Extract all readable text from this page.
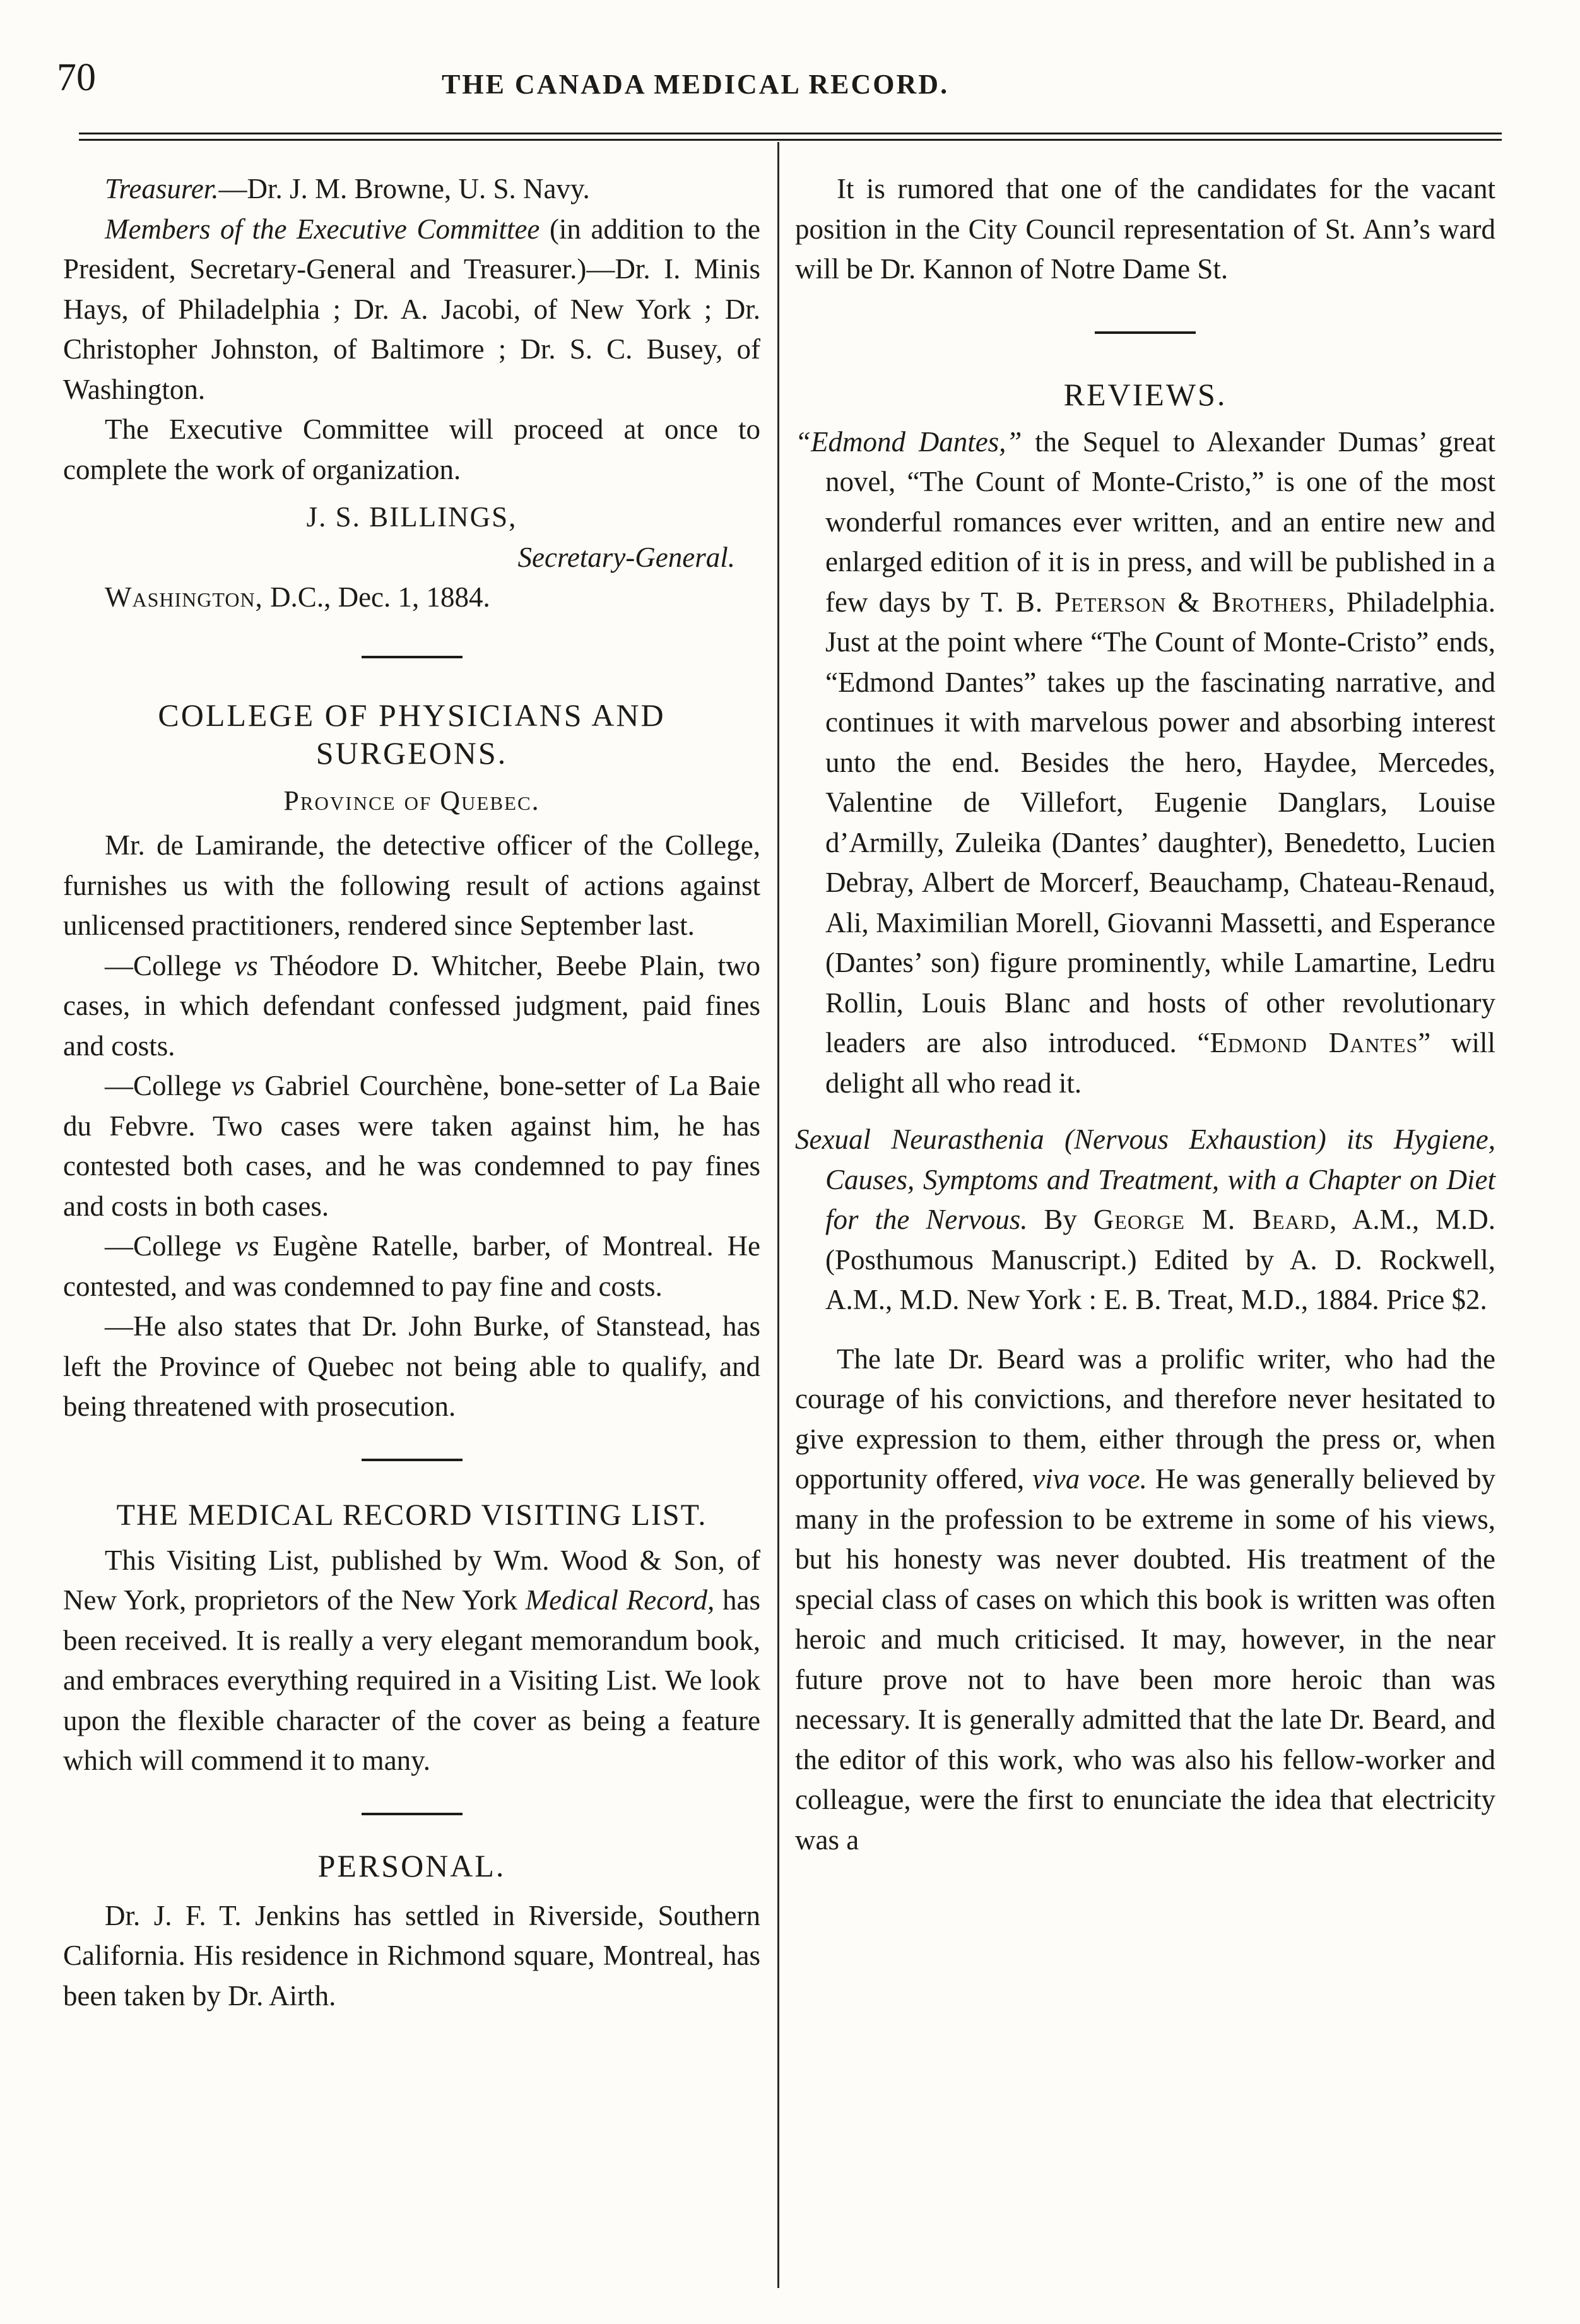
70	THE CANADA MEDICAL RECORD.

Treasurer.—Dr. J. M. Browne, U. S. Navy.

Members of the Executive Committee (in addition to the President, Secretary-General and Treasurer.)—Dr. I. Minis Hays, of Philadelphia ; Dr. A. Jacobi, of New York ; Dr. Christopher Johnston, of Baltimore ; Dr. S. C. Busey, of Washington.

The Executive Committee will proceed at once to complete the work of organization.

J. S. BILLINGS,

Secretary-General.

Washington, D.C., Dec. 1, 1884.

COLLEGE OF PHYSICIANS AND SURGEONS.

Province of Quebec.

Mr. de Lamirande, the detective officer of the College, furnishes us with the following result of actions against unlicensed practitioners, rendered since September last.

—College vs Théodore D. Whitcher, Beebe Plain, two cases, in which defendant confessed judgment, paid fines and costs.

—College vs Gabriel Courchène, bone-setter of La Baie du Febvre. Two cases were taken against him, he has contested both cases, and he was condemned to pay fines and costs in both cases.

—College vs Eugène Ratelle, barber, of Montreal. He contested, and was condemned to pay fine and costs.

—He also states that Dr. John Burke, of Stanstead, has left the Province of Quebec not being able to qualify, and being threatened with prosecution.

THE MEDICAL RECORD VISITING LIST.

This Visiting List, published by Wm. Wood & Son, of New York, proprietors of the New York Medical Record, has been received. It is really a very elegant memorandum book, and embraces everything required in a Visiting List. We look upon the flexible character of the cover as being a feature which will commend it to many.

PERSONAL.

Dr. J. F. T. Jenkins has settled in Riverside, Southern California. His residence in Richmond square, Montreal, has been taken by Dr. Airth.

It is rumored that one of the candidates for the vacant position in the City Council representation of St. Ann’s ward will be Dr. Kannon of Notre Dame St.

REVIEWS.

“Edmond Dantes,” the Sequel to Alexander Dumas’ great novel, “The Count of Monte-Cristo,” is one of the most wonderful romances ever written, and an entire new and enlarged edition of it is in press, and will be published in a few days by T. B. Peterson & Brothers, Philadelphia. Just at the point where “The Count of Monte-Cristo” ends, “Edmond Dantes” takes up the fascinating narrative, and continues it with marvelous power and absorbing interest unto the end. Besides the hero, Haydee, Mercedes, Valentine de Villefort, Eugenie Danglars, Louise d’Armilly, Zuleika (Dantes’ daughter), Benedetto, Lucien Debray, Albert de Morcerf, Beauchamp, Chateau-Renaud, Ali, Maximilian Morell, Giovanni Massetti, and Esperance (Dantes’ son) figure prominently, while Lamartine, Ledru Rollin, Louis Blanc and hosts of other revolutionary leaders are also introduced. “Edmond Dantes” will delight all who read it.

Sexual Neurasthenia (Nervous Exhaustion) its Hygiene, Causes, Symptoms and Treatment, with a Chapter on Diet for the Nervous. By George M. Beard, A.M., M.D. (Posthumous Manuscript.) Edited by A. D. Rockwell, A.M., M.D. New York : E. B. Treat, M.D., 1884. Price $2.

The late Dr. Beard was a prolific writer, who had the courage of his convictions, and therefore never hesitated to give expression to them, either through the press or, when opportunity offered, viva voce. He was generally believed by many in the profession to be extreme in some of his views, but his honesty was never doubted. His treatment of the special class of cases on which this book is written was often heroic and much criticised. It may, however, in the near future prove not to have been more heroic than was necessary. It is generally admitted that the late Dr. Beard, and the editor of this work, who was also his fellow-worker and colleague, were the first to enunciate the idea that electricity was a
